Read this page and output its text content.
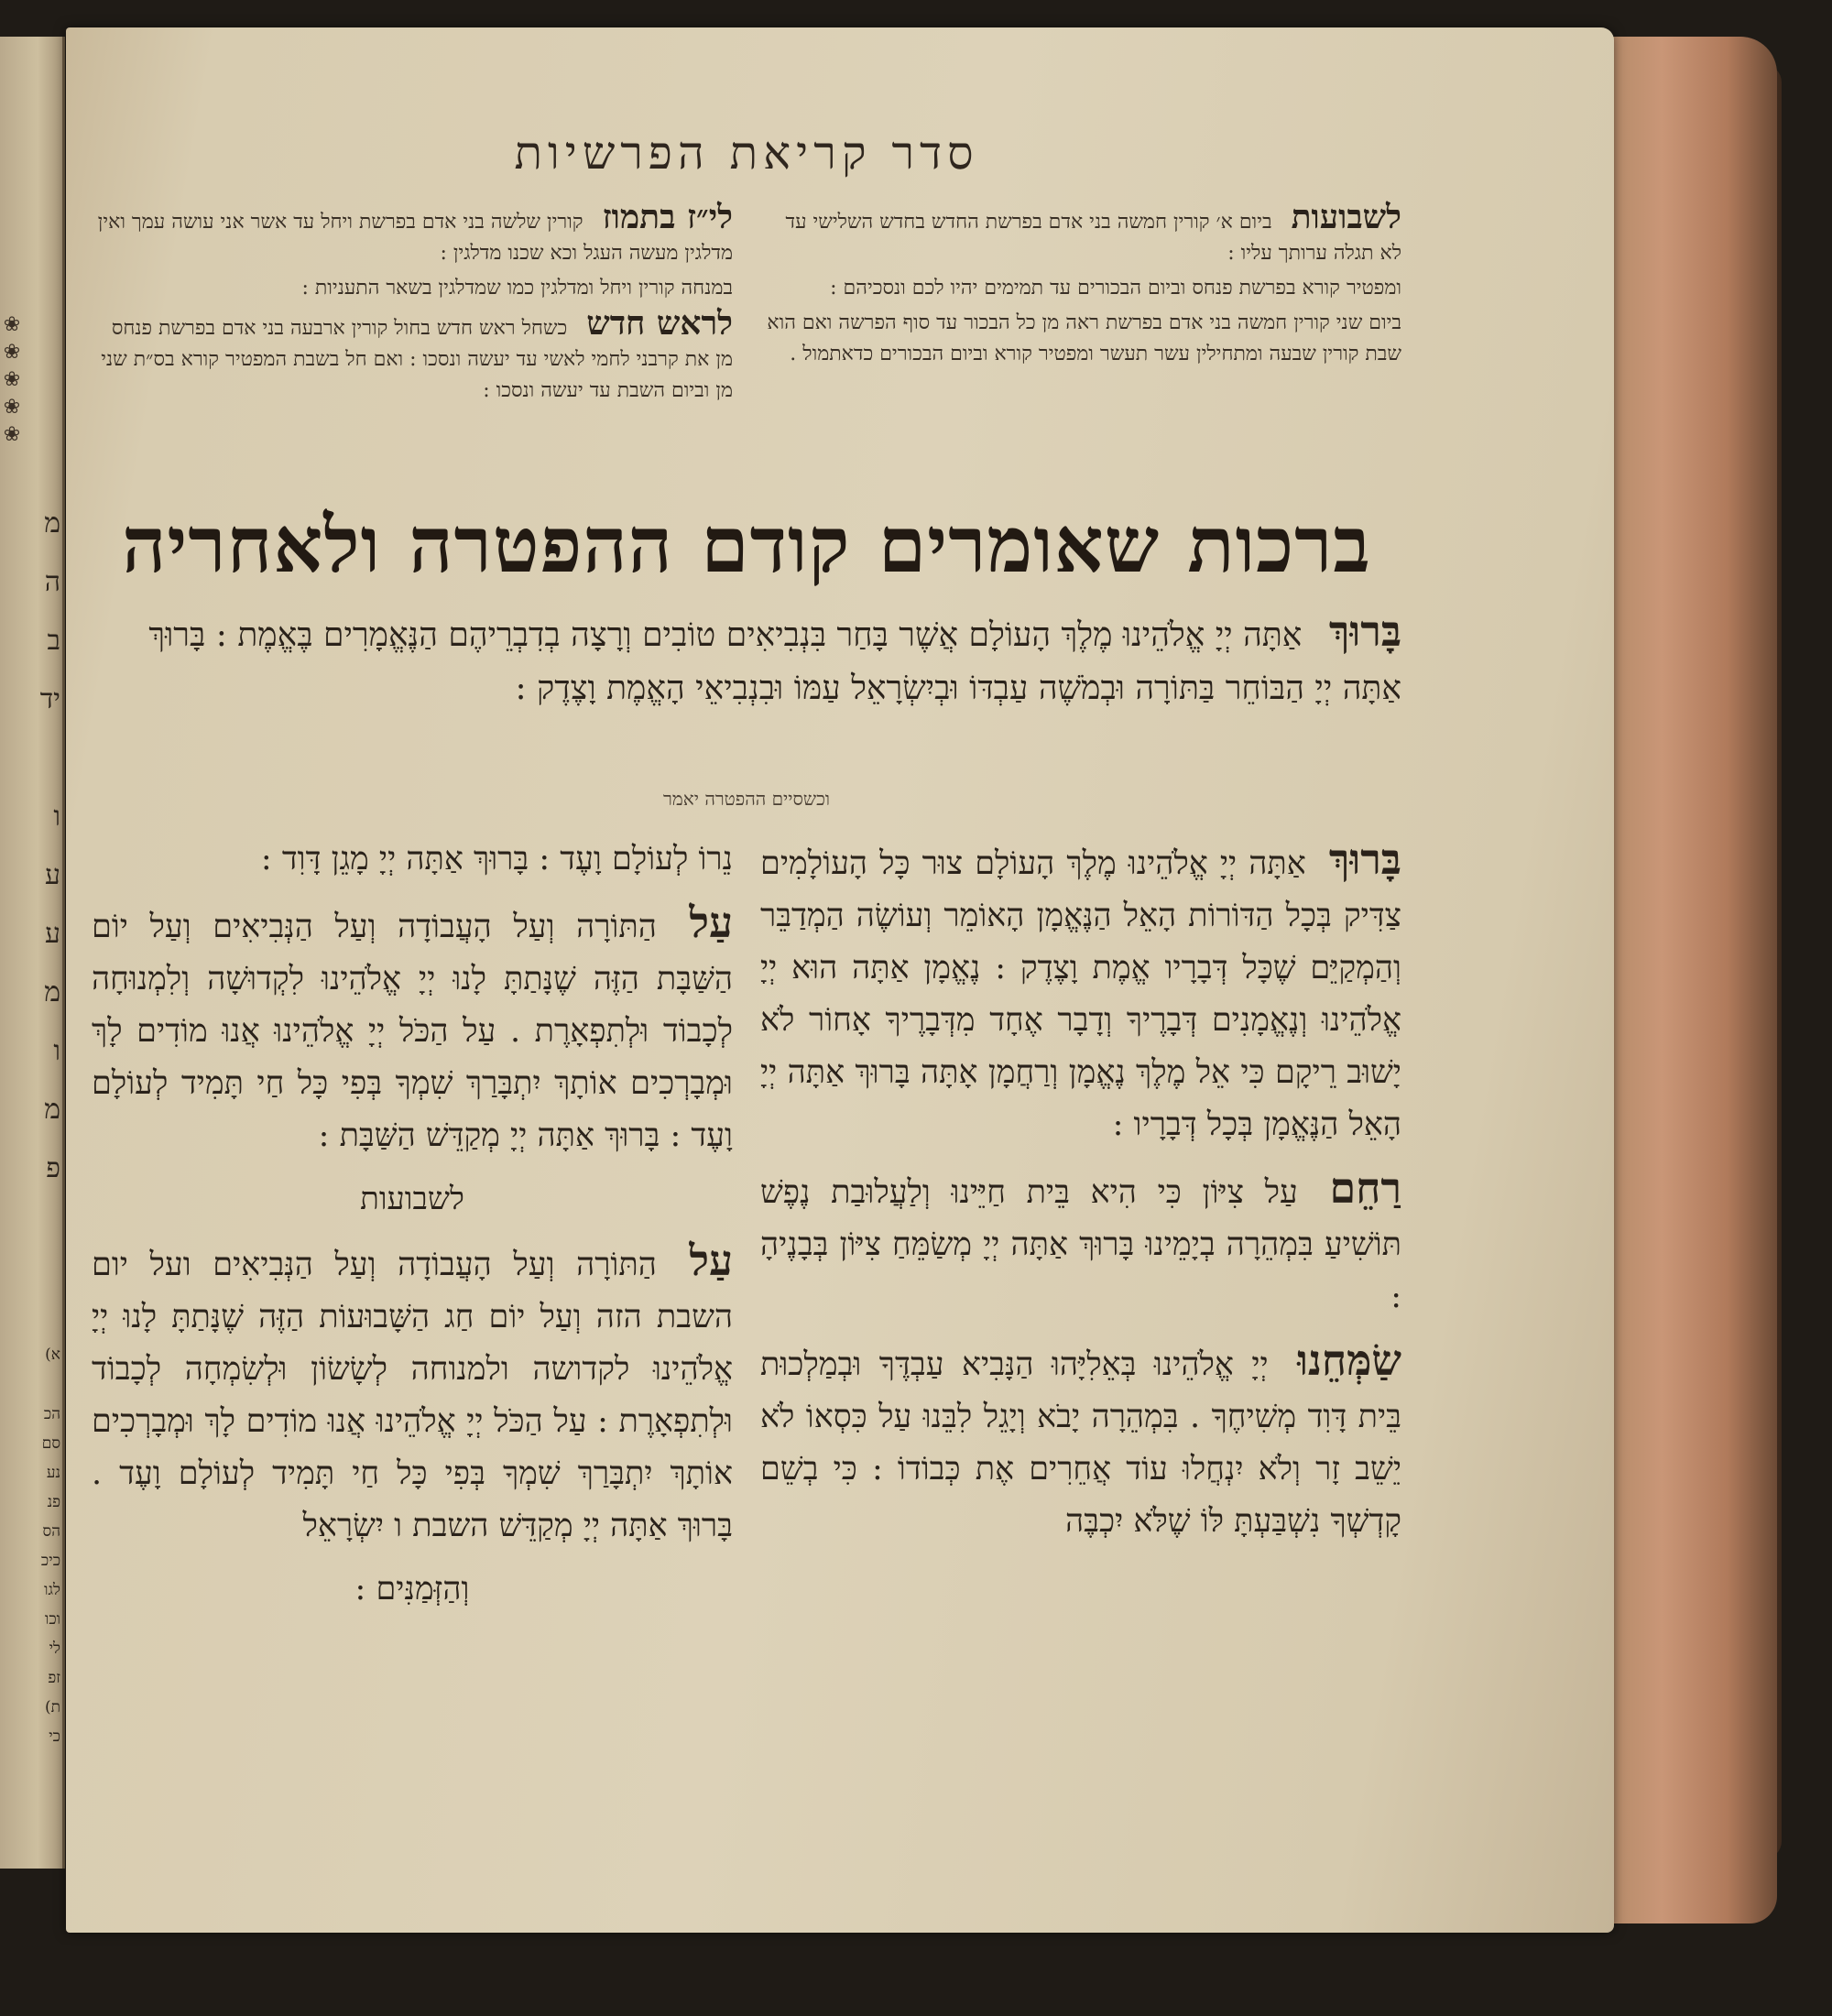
❀ ❀ ❀ ❀ ❀
מ
ה
ב
יד
ו
ע
ע
מ
ו
מ
פ
א)
הכ
סם
נע
פנ
הס
כיכ
לגו
וכו
לי
זפ
ת)
כי
סדר קריאת הפרשיות

לשבועות ביום א׳ קורין חמשה בני אדם בפרשת החדש בחדש השלישי עד לא תגלה ערותך עליו :

ומפטיר קורא בפרשת פנחס וביום הבכורים עד תמימים יהיו לכם ונסכיהם :

ביום שני קורין חמשה בני אדם בפרשת ראה מן כל הבכור עד סוף הפרשה ואם הוא שבת קורין שבעה ומתחילין עשר תעשר ומפטיר קורא וביום הבכורים כדאתמול .

לי״ז בתמוז קורין שלשה בני אדם בפרשת ויחל עד אשר אני עושה עמך ואין מדלגין מעשה העגל וכא שכנו מדלגין :

במנחה קורין ויחל ומדלגין כמו שמדלגין בשאר התעניות :

לראש חדש כשחל ראש חדש בחול קורין ארבעה בני אדם בפרשת פנחס מן את קרבני לחמי לאשי עד יעשה ונסכו : ואם חל בשבת המפטיר קורא בס״ת שני מן וביום השבת עד יעשה ונסכו :

ברכות שאומרים קודם ההפטרה ולאחריה
בָּרוּךְ אַתָּה יְיָ אֱלֹהֵינוּ מֶלֶךְ הָעוֹלָם אֲשֶׁר בָּחַר בִּנְבִיאִים טוֹבִים וְרָצָה בְדִבְרֵיהֶם הַנֶּאֱמָרִים בֶּאֱמֶת : בָּרוּךְ אַתָּה יְיָ הַבּוֹחֵר בַּתּוֹרָה וּבְמֹשֶׁה עַבְדּוֹ וּבְיִשְׂרָאֵל עַמּוֹ וּבִנְבִיאֵי הָאֱמֶת וָצֶדֶק :
וכשסיים ההפטרה יאמר

בָּרוּךְ אַתָּה יְיָ אֱלֹהֵינוּ מֶלֶךְ הָעוֹלָם צוּר כָּל הָעוֹלָמִים צַדִּיק בְּכָל הַדּוֹרוֹת הָאֵל הַנֶּאֱמָן הָאוֹמֵר וְעוֹשֶׂה הַמְדַבֵּר וְהַמְקַיֵּם שֶׁכָּל דְּבָרָיו אֱמֶת וָצֶדֶק : נֶאֱמָן אַתָּה הוּא יְיָ אֱלֹהֵינוּ וְנֶאֱמָנִים דְּבָרֶיךָ וְדָבָר אֶחָד מִדְּבָרֶיךָ אָחוֹר לֹא יָשׁוּב רֵיקָם כִּי אֵל מֶלֶךְ נֶאֱמָן וְרַחֲמָן אָתָּה בָּרוּךְ אַתָּה יְיָ הָאֵל הַנֶּאֱמָן בְּכָל דְּבָרָיו :

רַחֵם עַל צִיּוֹן כִּי הִיא בֵּית חַיֵּינוּ וְלַעֲלוּבַת נֶפֶשׁ תּוֹשִׁיעַ בִּמְהֵרָה בְיָמֵינוּ בָּרוּךְ אַתָּה יְיָ מְשַׂמֵּחַ צִיּוֹן בְּבָנֶיהָ :

שַׂמְּחֵנוּ יְיָ אֱלֹהֵינוּ בְּאֵלִיָּהוּ הַנָּבִיא עַבְדֶּךָ וּבְמַלְכוּת בֵּית דָּוִד מְשִׁיחֶךָ . בִּמְהֵרָה יָבֹא וְיָגֵל לִבֵּנוּ עַל כִּסְאוֹ לֹא יֵשֵׁב זָר וְלֹא יִנְחֲלוּ עוֹד אֲחֵרִים אֶת כְּבוֹדוֹ : כִּי בְשֵׁם קָדְשְׁךָ נִשְׁבַּעְתָּ לּוֹ שֶׁלֹּא יִכְבֶּה

נֵרוֹ לְעוֹלָם וָעֶד : בָּרוּךְ אַתָּה יְיָ מָגֵן דָּוִד :

עַל הַתּוֹרָה וְעַל הָעֲבוֹדָה וְעַל הַנְּבִיאִים וְעַל יוֹם הַשַּׁבָּת הַזֶּה שֶׁנָּתַתָּ לָנוּ יְיָ אֱלֹהֵינוּ לִקְדוּשָׁה וְלִמְנוּחָה לְכָבוֹד וּלְתִפְאָרֶת . עַל הַכֹּל יְיָ אֱלֹהֵינוּ אֲנוּ מוֹדִים לָךְ וּמְבָרְכִים אוֹתָךְ יִתְבָּרַךְ שִׁמְךָ בְּפִי כָּל חַי תָּמִיד לְעוֹלָם וָעֶד : בָּרוּךְ אַתָּה יְיָ מְקַדֵּשׁ הַשַּׁבָּת :

לשבועות

עַל הַתּוֹרָה וְעַל הָעֲבוֹדָה וְעַל הַנְּבִיאִים ועל יום השבת הזה וְעַל יוֹם חַג הַשָּׁבוּעוֹת הַזֶּה שֶׁנָּתַתָּ לָנוּ יְיָ אֱלֹהֵינוּ לקדושה ולמנוחה לְשָׂשׂוֹן וּלְשִׂמְחָה לְכָבוֹד וּלְתִפְאָרֶת : עַל הַכֹּל יְיָ אֱלֹהֵינוּ אֲנוּ מוֹדִים לָךְ וּמְבָרְכִים אוֹתָךְ יִתְבָּרַךְ שִׁמְךָ בְּפִי כָּל חַי תָּמִיד לְעוֹלָם וָעֶד . בָּרוּךְ אַתָּה יְיָ מְקַדֵּשׁ השבת ו יִשְׂרָאֵל

וְהַזְּמַנִּים :
